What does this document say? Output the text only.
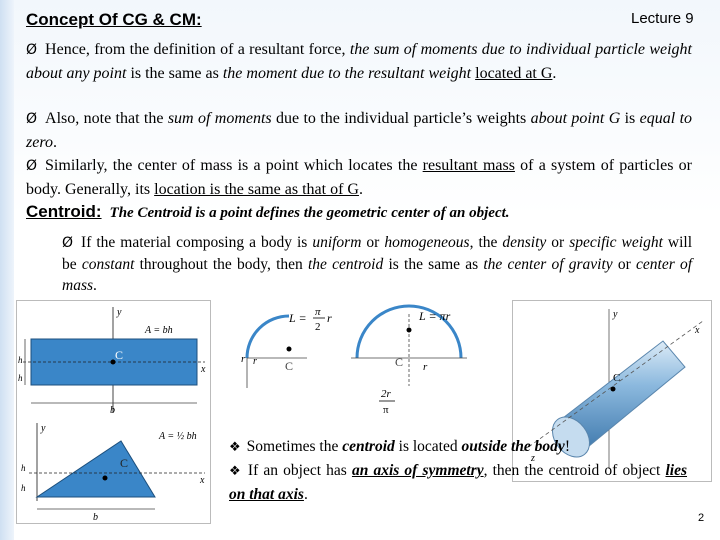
Concept Of CG & CM:	Lecture 9
Ø Hence, from the definition of a resultant force, the sum of moments due to individual particle weight about any point is the same as the moment due to the resultant weight located at G.
Ø Also, note that the sum of moments due to the individual particle’s weights about point G is equal to zero.
Ø Similarly, the center of mass is a point which locates the resultant mass of a system of particles or body. Generally, its location is the same as that of G.
Centroid: The Centroid is a point defines the geometric center of an object.
Ø If the material composing a body is uniform or homogeneous, the density or specific weight will be constant throughout the body, then the centroid is the same as the center of gravity or center of mass.
C
y
x
A = bh
h
h
b
C
y
x
A = ½ bh
h
h
b
C
r
L = π
2
r
C r
r
L = πr
2r
π
C
y
x
z
❖ Sometimes the centroid is located outside the body!
❖ If an object has an axis of symmetry, then the centroid of object lies on that axis.
2
